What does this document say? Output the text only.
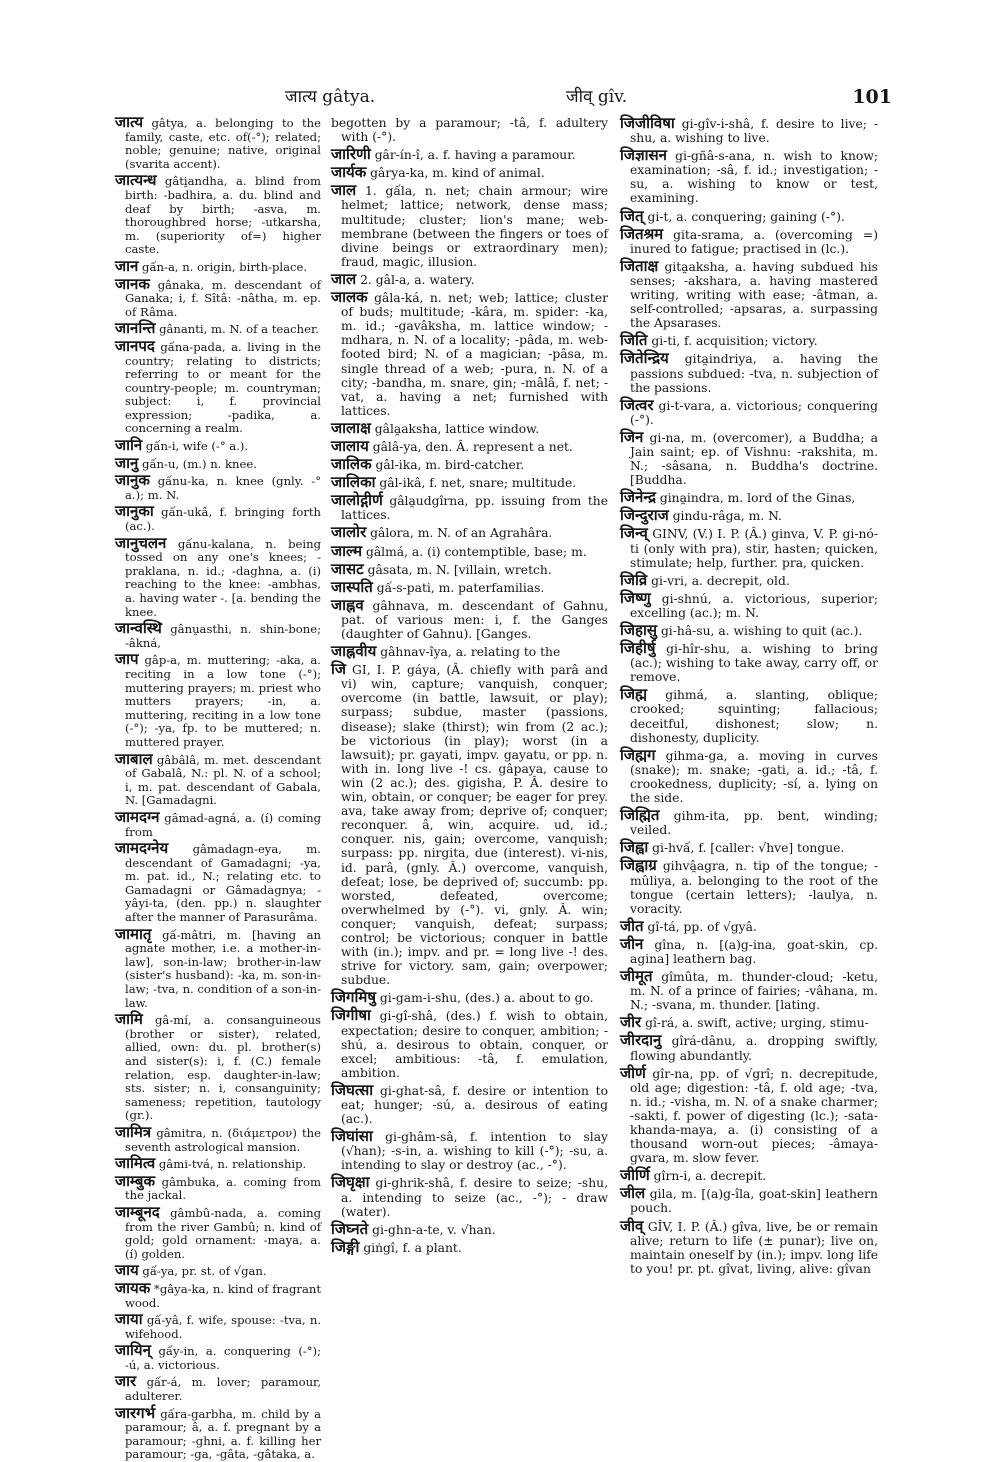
जात्य gâtya.	जीव् gîv.	101

जात्य gâtya, a. belonging to the family, caste, etc. of(-°); related; noble; genuine; native, original (svarita accent).

जात्यन्ध gâti̯andha, a. blind from birth: -badhira, a. du. blind and deaf by birth; -asva, m. thoroughbred horse; -utkarsha, m. (superiority of=) higher caste.

जान gấn-a, n. origin, birth-place.

जानक gânaka, m. descendant of Ganaka; i, f. Sîtâ: -nâtha, m. ep. of Râma.

जानन्ति gânanti, m. N. of a teacher.

जानपद gấna-pada, a. living in the country; relating to districts; referring to or meant for the country-people; m. countryman; subject: i, f. provincial expression; -padika, a. concerning a realm.

जानि gấn-i, wife (-° a.).

जानु gấn-u, (m.) n. knee.

जानुक gấnu-ka, n. knee (gnly. -° a.); m. N.

जानुका gấn-ukâ, f. bringing forth (ac.).

जानुचलन gấnu-kalana, n. being tossed on any one's knees; -praklana, n. id.; -daghna, a. (i) reaching to the knee: -ambhas, a. having water -. [a. bending the knee.

जान्वस्थि gânu̯asthi, n. shin-bone; -âkná,

जाप gâp-a, m. muttering; -aka, a. reciting in a low tone (-°); muttering prayers; m. priest who mutters prayers; -in, a. muttering, reciting in a low tone (-°); -ya, fp. to be muttered; n. muttered prayer.

जाबाल gâbâlâ, m. met. descendant of Gabalâ, N.: pl. N. of a school; i, m. pat. descendant of Gabala, N. [Gamadagni.

जामदग्न gâmad-agná, a. (í) coming from

जामदग्नेय gâmadagn-eya, m. descendant of Gamadagni; -ya, m. pat. id., N.; relating etc. to Gamadagni or Gâmadagnya; -yâyi-ta, (den. pp.) n. slaughter after the manner of Parasurâma.

जामातृ gấ-mâtri, m. [having an agnate mother, i.e. a mother-in-law], son-in-law; brother-in-law (sister's husband): -ka, m. son-in-law; -tva, n. condition of a son-in-law.

जामि gâ-mí, a. consanguineous (brother or sister), related, allied, own: du. pl. brother(s) and sister(s): i, f. (C.) female relation, esp. daughter-in-law; sts. sister; n. i, consanguinity; sameness; repetition, tautology (gr.).

जामित्र gâmitra, n. (διάμετρον) the seventh astrological mansion.

जामित्व gâmi-tvá, n. relationship.

जाम्बुक gâmbuka, a. coming from the jackal.

जाम्बूनद gâmbû-nada, a. coming from the river Gambû; n. kind of gold; gold ornament: -maya, a. (í) golden.

जाय gấ-ya, pr. st. of √gan.

जायक *gâya-ka, n. kind of fragrant wood.

जाया gấ-yâ, f. wife, spouse: -tva, n. wifehood.

जायिन् gấy-in, a. conquering (-°); -ú, a. victorious.

जार gấr-á, m. lover; paramour, adulterer.

जारगर्भ gấra-garbha, m. child by a paramour; â, a. f. pregnant by a paramour; -ghni, a. f. killing her paramour; -ga, -gâta, -gâtaka, a.

begotten by a paramour; -tâ, f. adultery with (-°).

जारिणी gâr-ín-î, a. f. having a paramour.

जार्यक gârya-ka, m. kind of animal.

जाल 1. gấla, n. net; chain armour; wire helmet; lattice; network, dense mass; multitude; cluster; lion's mane; web-membrane (between the fingers or toes of divine beings or extraordinary men); fraud, magic, illusion.

जाल 2. gâl-a, a. watery.

जालक gâla-ká, n. net; web; lattice; cluster of buds; multitude; -kâra, m. spider: -ka, m. id.; -gavâksha, m. lattice window; -mdhara, n. N. of a locality; -pâda, m. web-footed bird; N. of a magician; -pâsa, m. single thread of a web; -pura, n. N. of a city; -bandha, m. snare, gin; -mâlâ, f. net; -vat, a. having a net; furnished with lattices.

जालाक्ष gâla̯aksha, lattice window.

जालाय gâlâ-ya, den. Â. represent a net.

जालिक gâl-ika, m. bird-catcher.

जालिका gâl-ikâ, f. net, snare; multitude.

जालोद्गीर्ण gâla̯udgîrna, pp. issuing from the lattices.

जालोर gâlora, m. N. of an Agrahâra.

जाल्म gâlmá, a. (i) contemptible, base; m.

जासट gâsata, m. N. [villain, wretch.

जास्पति gấ-s-pati, m. paterfamilias.

जाह्नव gâhnava, m. descendant of Gahnu, pat. of various men: i, f. the Ganges (daughter of Gahnu). [Ganges.

जाह्नवीय gâhnav-îya, a. relating to the

जि GI, I. P. gáya, (Â. chiefly with parâ and vi) win, capture; vanquish, conquer; overcome (in battle, lawsuit, or play); surpass; subdue, master (passions, disease); slake (thirst); win from (2 ac.); be victorious (in play); worst (in a lawsuit); pr. gayati, impv. gayatu, or pp. n. with in. long live -! cs. gâpaya, cause to win (2 ac.); des. gigisha, P. Â. desire to win, obtain, or conquer; be eager for prey. ava, take away from; deprive of; conquer; reconquer. â, win, acquire. ud, id.; conquer. nis, gain; overcome, vanquish; surpass: pp. nirgita, due (interest). vi-nis, id. parâ, (gnly. Â.) overcome, vanquish, defeat; lose, be deprived of; succumb: pp. worsted, defeated, overcome; overwhelmed by (-°). vi, gnly. Â. win; conquer; vanquish, defeat; surpass; control; be victorious; conquer in battle with (in.); impv. and pr. = long live -! des. strive for victory. sam, gain; overpower; subdue.

जिगमिषु gi-gam-i-shu, (des.) a. about to go.

जिगीषा gi-gî-shâ, (des.) f. wish to obtain, expectation; desire to conquer, ambition; -shú, a. desirous to obtain, conquer, or excel; ambitious: -tâ, f. emulation, ambition.

जिघत्सा gi-ghat-sâ, f. desire or intention to eat; hunger; -sú, a. desirous of eating (ac.).

जिघांसा gi-ghâm-sâ, f. intention to slay (√han); -s-in, a. wishing to kill (-°); -su, a. intending to slay or destroy (ac., -°).

जिघृक्षा gi-ghrik-shâ, f. desire to seize; -shu, a. intending to seize (ac., -°); - draw (water).

जिघ्नते gi-ghn-a-te, v. √han.

जिङ्गी giṅgî, f. a plant.

जिजीविषा gi-gîv-i-shâ, f. desire to live; -shu, a. wishing to live.

जिज्ञासन gi-gñâ-s-ana, n. wish to know; examination; -sâ, f. id.; investigation; -su, a. wishing to know or test, examining.

जित् gi-t, a. conquering; gaining (-°).

जितश्रम gita-srama, a. (overcoming =) inured to fatigue; practised in (lc.).

जिताक्ष gita̯aksha, a. having subdued his senses; -akshara, a. having mastered writing, writing with ease; -âtman, a. self-controlled; -apsaras, a. surpassing the Apsarases.

जिति gi-ti, f. acquisition; victory.

जितेन्द्रिय gita̯indriya, a. having the passions subdued: -tva, n. subjection of the passions.

जित्वर gi-t-vara, a. victorious; conquering (-°).

जिन gi-na, m. (overcomer), a Buddha; a Jain saint; ep. of Vishnu: -rakshita, m. N.; -sâsana, n. Buddha's doctrine. [Buddha.

जिनेन्द्र gina̯indra, m. lord of the Ginas,

जिन्दुराज gindu-râga, m. N.

जिन्व् GINV, (V.) I. P. (Â.) ginva, V. P. gi-nó-ti (only with pra), stir, hasten; quicken, stimulate; help, further. pra, quicken.

जिव्रि gi-vri, a. decrepit, old.

जिष्णु gi-shnú, a. victorious, superior; excelling (ac.); m. N.

जिहासु gi-hâ-su, a. wishing to quit (ac.).

जिहीर्षु gi-hîr-shu, a. wishing to bring (ac.); wishing to take away, carry off, or remove.

जिह्म gihmá, a. slanting, oblique; crooked; squinting; fallacious; deceitful, dishonest; slow; n. dishonesty, duplicity.

जिह्मग gihma-ga, a. moving in curves (snake); m. snake; -gati, a. id.; -tâ, f. crookedness, duplicity; -sí, a. lying on the side.

जिह्मित gihm-ita, pp. bent, winding; veiled.

जिह्वा gi-hvấ, f. [caller: √hve] tongue.

जिह्वाग्र gihvâ̯agra, n. tip of the tongue; -mûliya, a. belonging to the root of the tongue (certain letters); -laulya, n. voracity.

जीत gî-tá, pp. of √gyâ.

जीन gîna, n. [(a)g-ina, goat-skin, cp. agina] leathern bag.

जीमूत gîmûta, m. thunder-cloud; -ketu, m. N. of a prince of fairies; -vâhana, m. N.; -svana, m. thunder. [lating.

जीर gî-rá, a. swift, active; urging, stimu-

जीरदानु gîrá-dânu, a. dropping swiftly, flowing abundantly.

जीर्ण gîr-na, pp. of √grî; n. decrepitude, old age; digestion: -tâ, f. old age; -tva, n. id.; -visha, m. N. of a snake charmer; -sakti, f. power of digesting (lc.); -sata-khanda-maya, a. (i) consisting of a thousand worn-out pieces; -âmaya-gvara, m. slow fever.

जीर्णि gîrn-i, a. decrepit.

जील gila, m. [(a)g-îla, goat-skin] leathern pouch.

जीव् GÎV, I. P. (Â.) gîva, live, be or remain alive; return to life (± punar); live on, maintain oneself by (in.); impv. long life to you! pr. pt. gîvat, living, alive: gîvan
